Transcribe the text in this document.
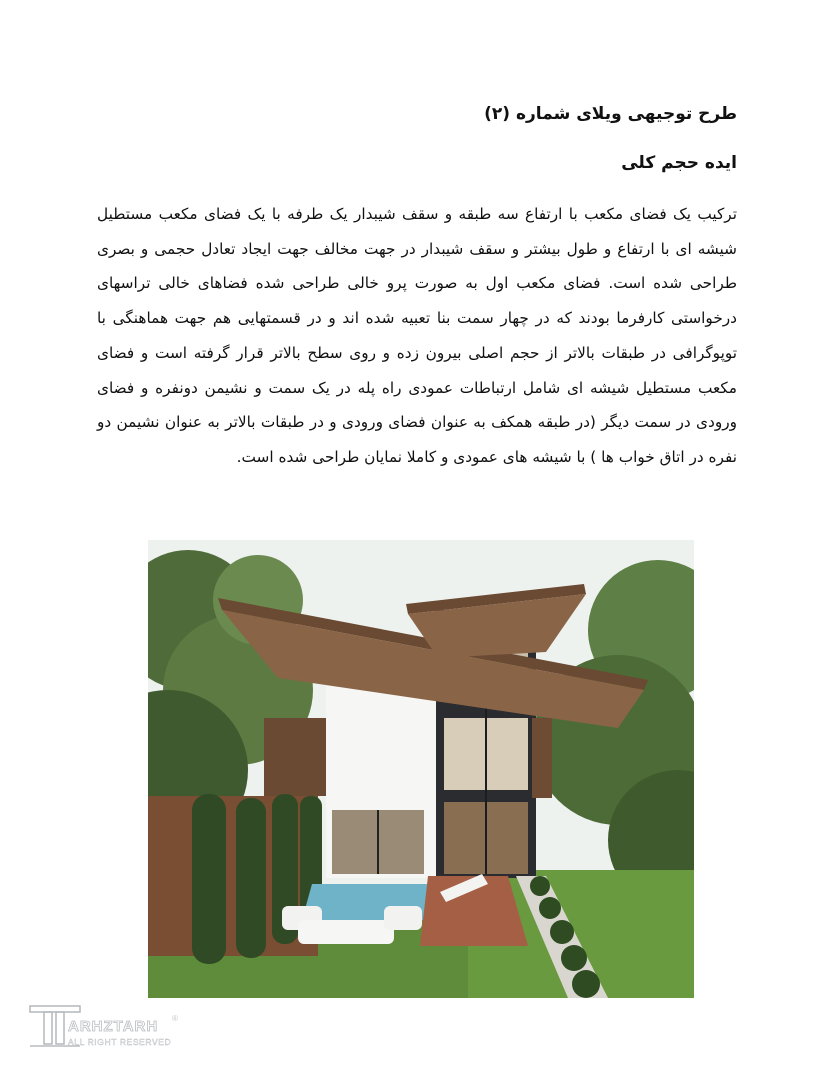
طرح توجیهی ویلای شماره (۲)
ایده حجم کلی
ترکیب یک فضای مکعب با ارتفاع سه طبقه و سقف شیبدار یک طرفه با یک فضای مکعب مستطیل شیشه ای با ارتفاع و طول بیشتر و سقف شیبدار در جهت مخالف جهت ایجاد تعادل حجمی و بصری طراحی شده است. فضای مکعب اول به صورت پرو خالی طراحی شده فضاهای خالی تراسهای درخواستی کارفرما بودند که در چهار سمت بنا تعبیه شده اند و در قسمتهایی هم جهت هماهنگی با توپوگرافی در طبقات بالاتر از حجم اصلی بیرون زده و روی سطح بالاتر قرار گرفته است و فضای مکعب مستطیل شیشه ای شامل ارتباطات عمودی راه پله در یک سمت و نشیمن دونفره و فضای ورودی در سمت دیگر (در طبقه همکف به عنوان فضای ورودی و در طبقات بالاتر به عنوان نشیمن دو نفره در اتاق خواب ها ) با شیشه های عمودی و کاملا نمایان طراحی شده است.
ARHZTARH
ALL RIGHT RESERVED
®
